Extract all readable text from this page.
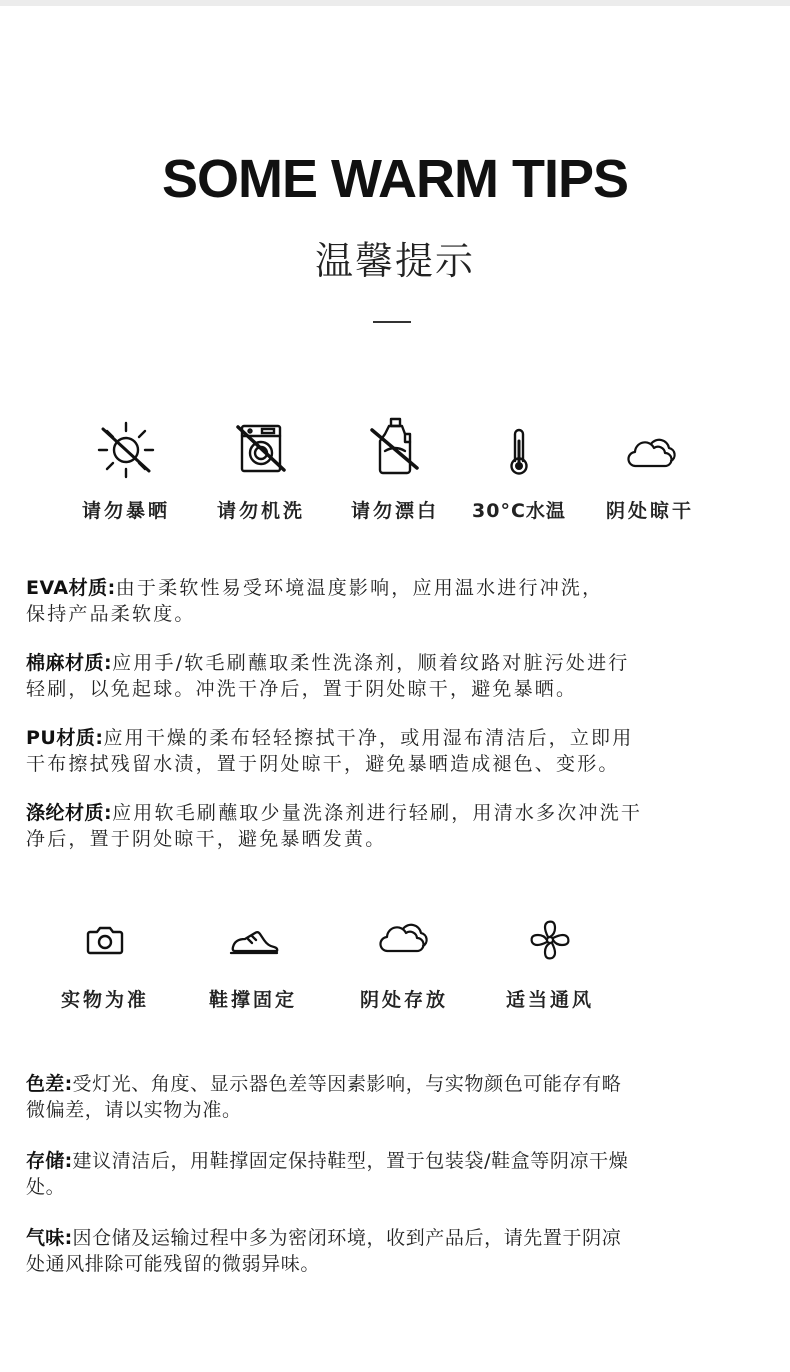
SOME WARM TIPS
温馨提示
请勿暴晒	请勿机洗	请勿漂白	30°C水温	阴处晾干
EVA材质:由于柔软性易受环境温度影响，应用温水进行冲洗，
保持产品柔软度。
棉麻材质:应用手/软毛刷蘸取柔性洗涤剂，顺着纹路对脏污处进行
轻刷，以免起球。冲洗干净后，置于阴处晾干，避免暴晒。
PU材质:应用干燥的柔布轻轻擦拭干净，或用湿布清洁后，立即用
干布擦拭残留水渍，置于阴处晾干，避免暴晒造成褪色、变形。
涤纶材质:应用软毛刷蘸取少量洗涤剂进行轻刷，用清水多次冲洗干
净后，置于阴处晾干，避免暴晒发黄。
实物为准	鞋撑固定	阴处存放	适当通风
色差:受灯光、角度、显示器色差等因素影响，与实物颜色可能存有略
微偏差，请以实物为准。
存储:建议清洁后，用鞋撑固定保持鞋型，置于包装袋/鞋盒等阴凉干燥
处。
气味:因仓储及运输过程中多为密闭环境，收到产品后，请先置于阴凉
处通风排除可能残留的微弱异味。
